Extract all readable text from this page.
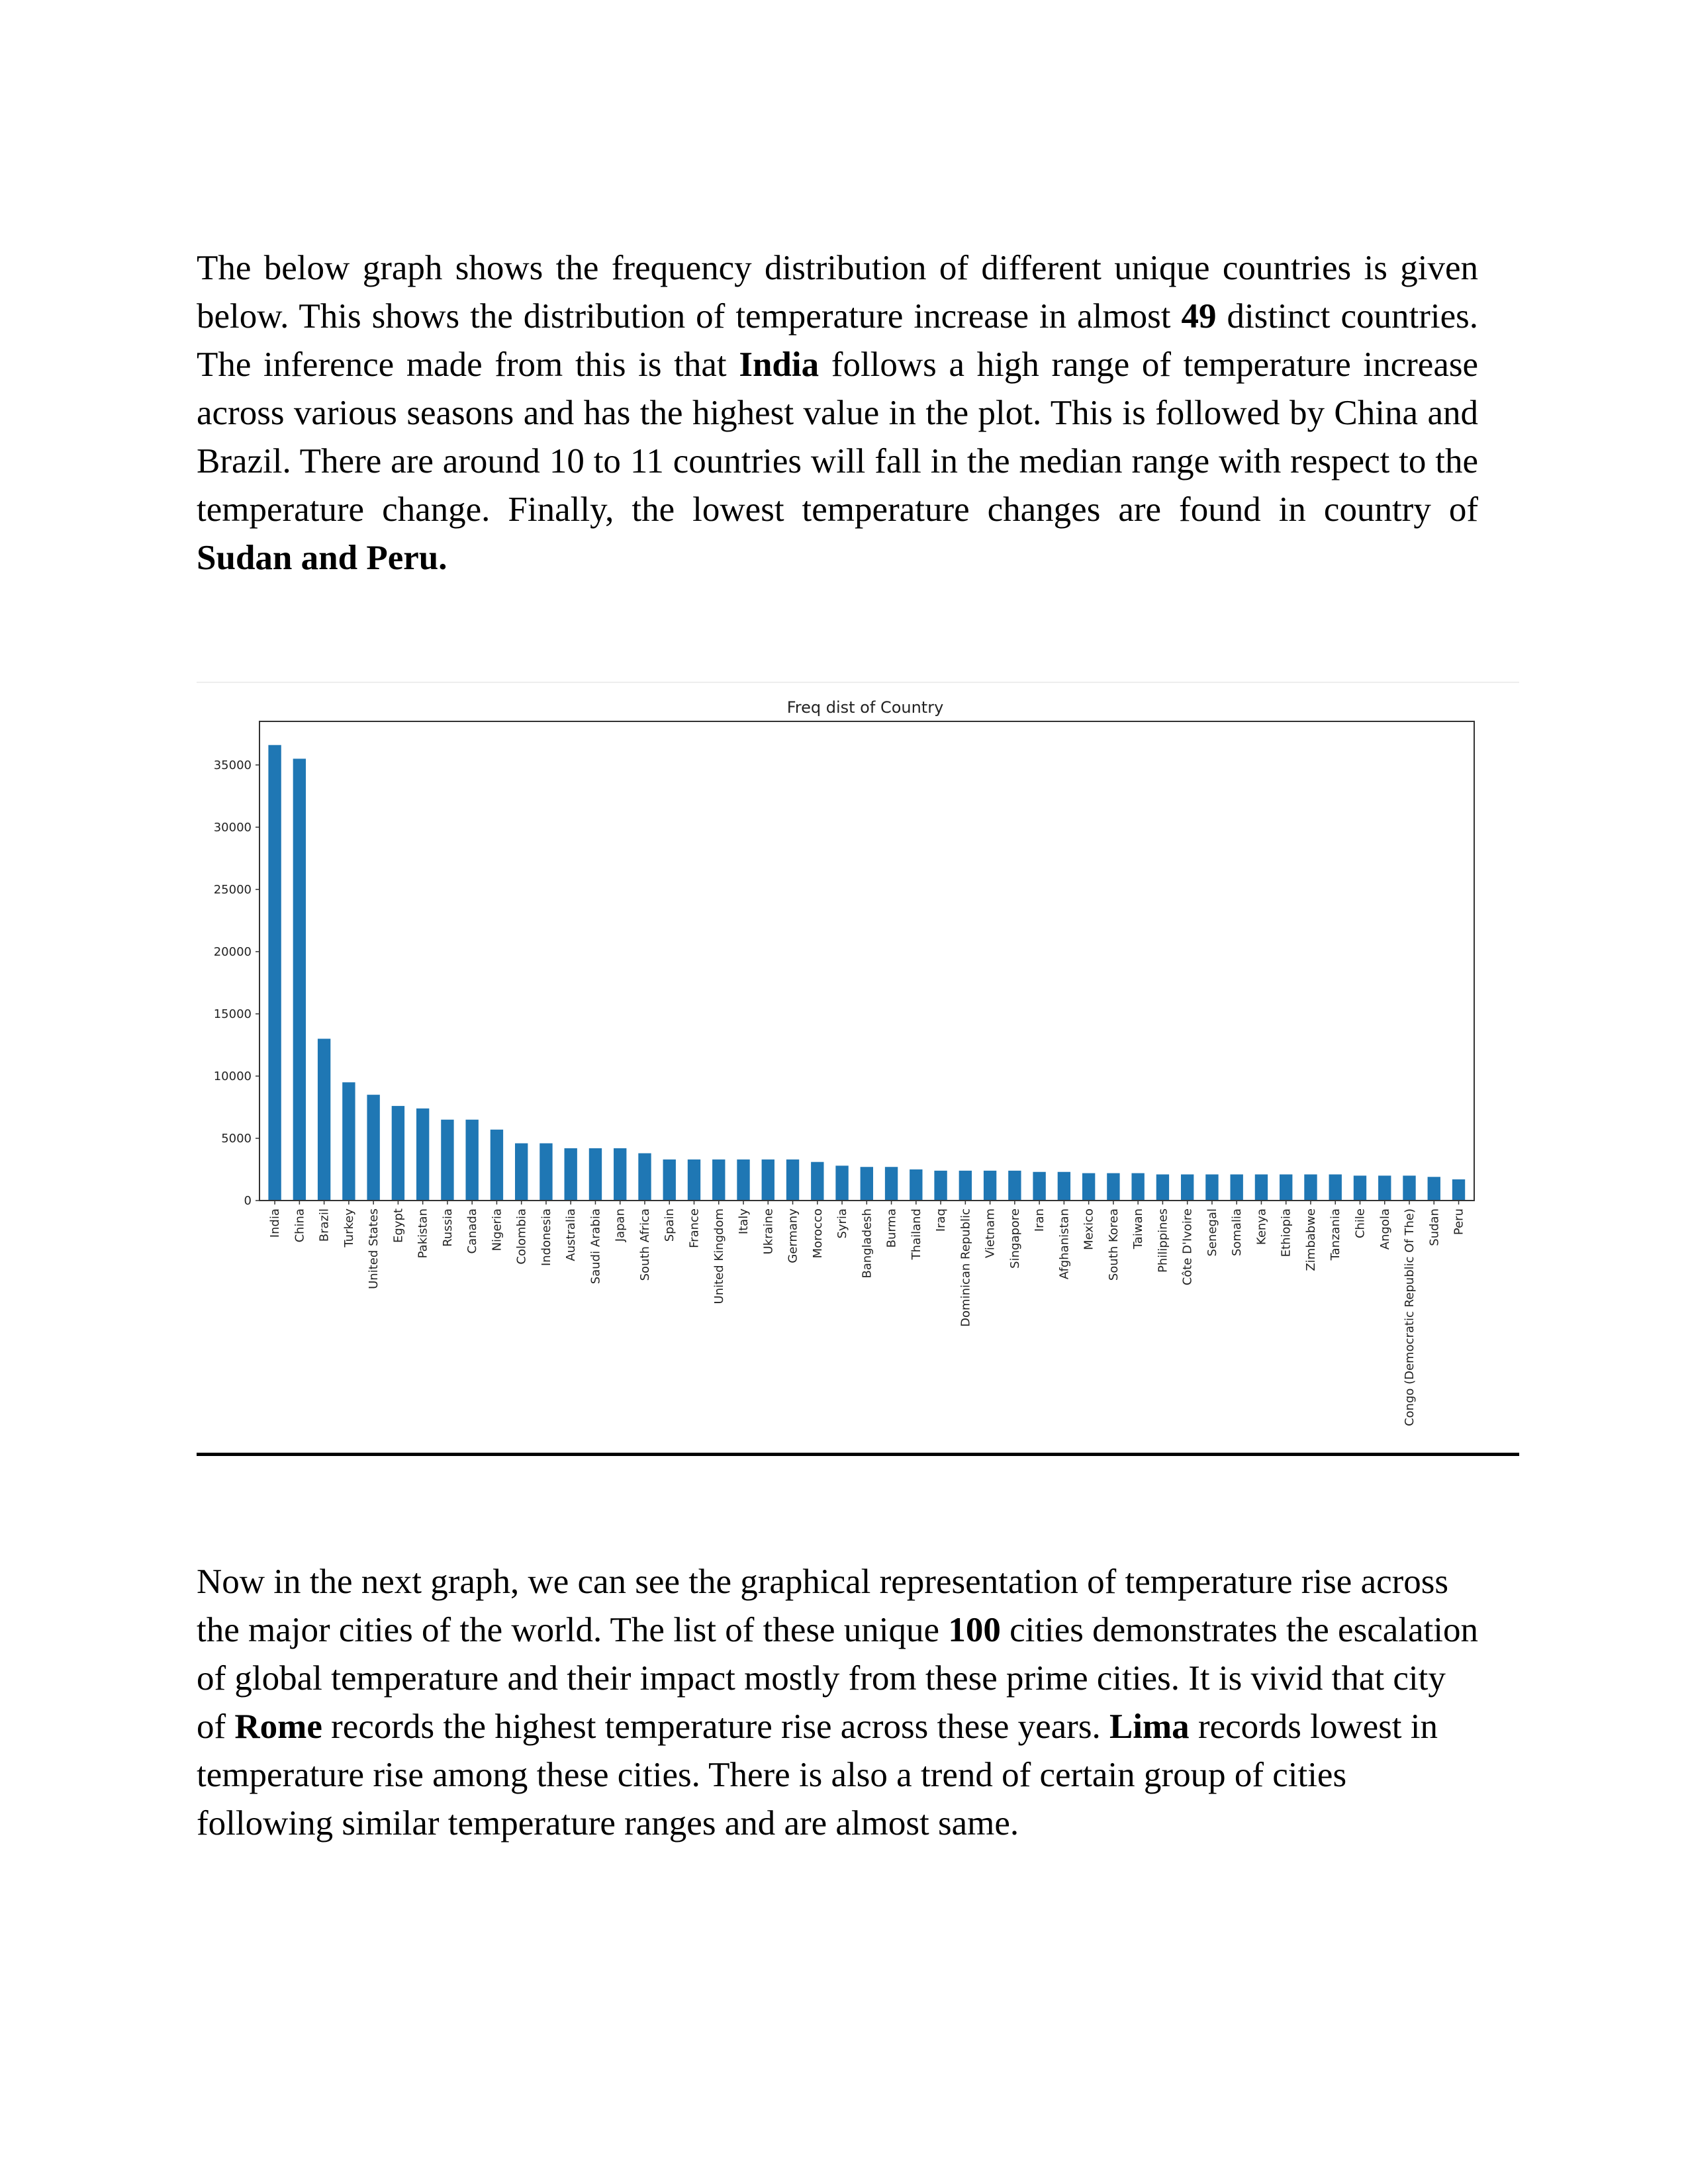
The below graph shows the frequency distribution of different unique countries is given below. This shows the distribution of temperature increase in almost 49 distinct countries. The inference made from this is that India follows a high range of temperature increase across various seasons and has the highest value in the plot. This is followed by China and Brazil. There are around 10 to 11 countries will fall in the median range with respect to the temperature change. Finally, the lowest temperature changes are found in country of Sudan and Peru.

Freq dist of Country
0
5000
10000
15000
20000
25000
30000
35000
India China Brazil Turkey United States Egypt Pakistan Russia Canada Nigeria Colombia Indonesia Australia Saudi Arabia Japan South Africa Spain France United Kingdom Italy Ukraine Germany Morocco Syria Bangladesh Burma Thailand Iraq Dominican Republic Vietnam Singapore Iran Afghanistan Mexico South Korea Taiwan Philippines Côte D'Ivoire Senegal Somalia Kenya Ethiopia Zimbabwe Tanzania Chile Angola Congo (Democratic Republic Of The) Sudan Peru

Now in the next graph, we can see the graphical representation of temperature rise across the major cities of the world. The list of these unique 100 cities demonstrates the escalation of global temperature and their impact mostly from these prime cities. It is vivid that city of Rome records the highest temperature rise across these years. Lima records lowest in temperature rise among these cities. There is also a trend of certain group of cities following similar temperature ranges and are almost same.
